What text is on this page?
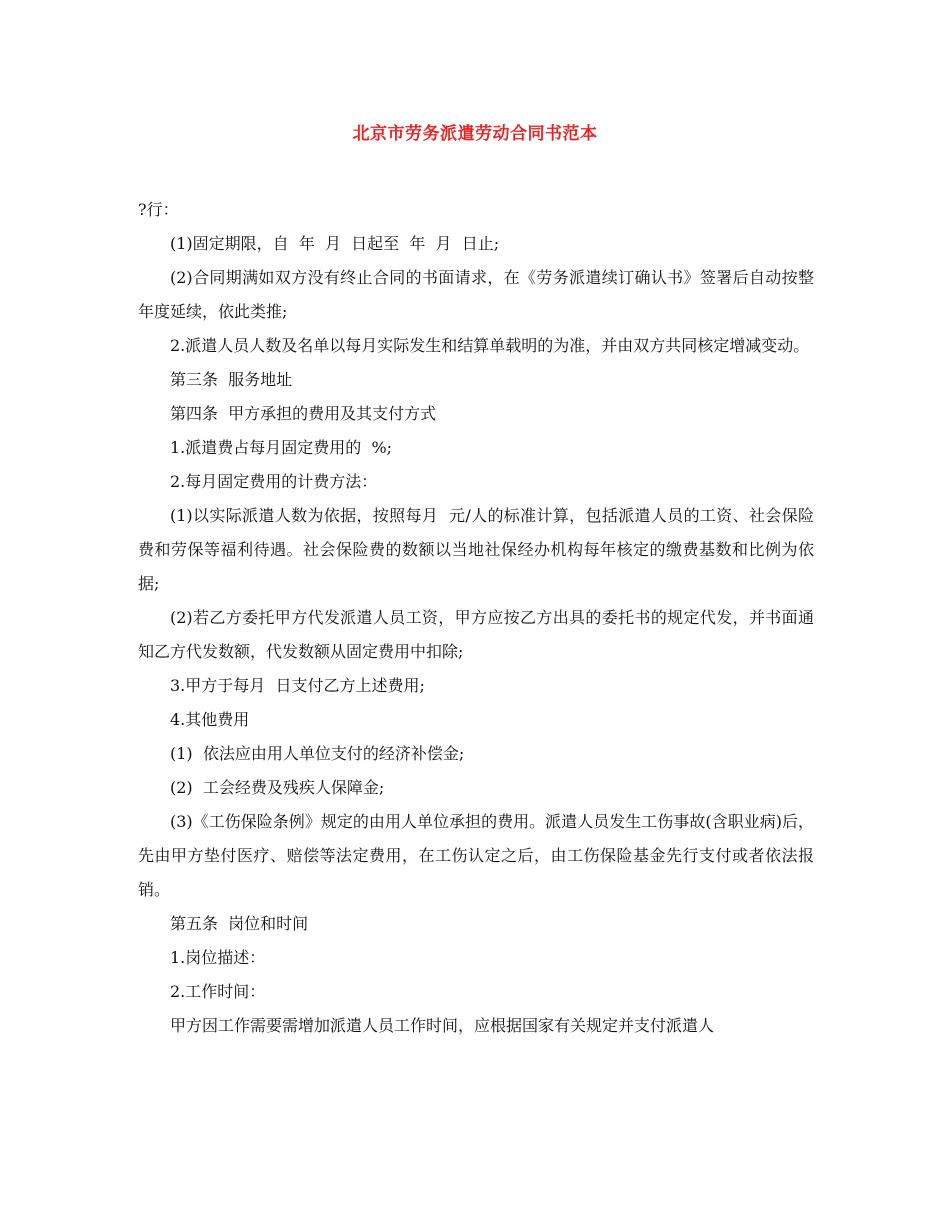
北京市劳务派遣劳动合同书范本

?行：

(1)固定期限，自  年  月  日起至  年  月  日止;

(2)合同期满如双方没有终止合同的书面请求，在《劳务派遣续订确认书》签署后自动按整年度延续，依此类推;

2.派遣人员人数及名单以每月实际发生和结算单载明的为准，并由双方共同核定增减变动。

第三条  服务地址

第四条  甲方承担的费用及其支付方式

1.派遣费占每月固定费用的  %;

2.每月固定费用的计费方法：

(1)以实际派遣人数为依据，按照每月  元/人的标准计算，包括派遣人员的工资、社会保险费和劳保等福利待遇。社会保险费的数额以当地社保经办机构每年核定的缴费基数和比例为依据;

(2)若乙方委托甲方代发派遣人员工资，甲方应按乙方出具的委托书的规定代发，并书面通知乙方代发数额，代发数额从固定费用中扣除;

3.甲方于每月  日支付乙方上述费用;

4.其他费用

(1)  依法应由用人单位支付的经济补偿金;

(2)  工会经费及残疾人保障金;

(3)《工伤保险条例》规定的由用人单位承担的费用。派遣人员发生工伤事故(含职业病)后，先由甲方垫付医疗、赔偿等法定费用，在工伤认定之后，由工伤保险基金先行支付或者依法报销。

第五条  岗位和时间

1.岗位描述：

2.工作时间：

甲方因工作需要需增加派遣人员工作时间，应根据国家有关规定并支付派遣人
